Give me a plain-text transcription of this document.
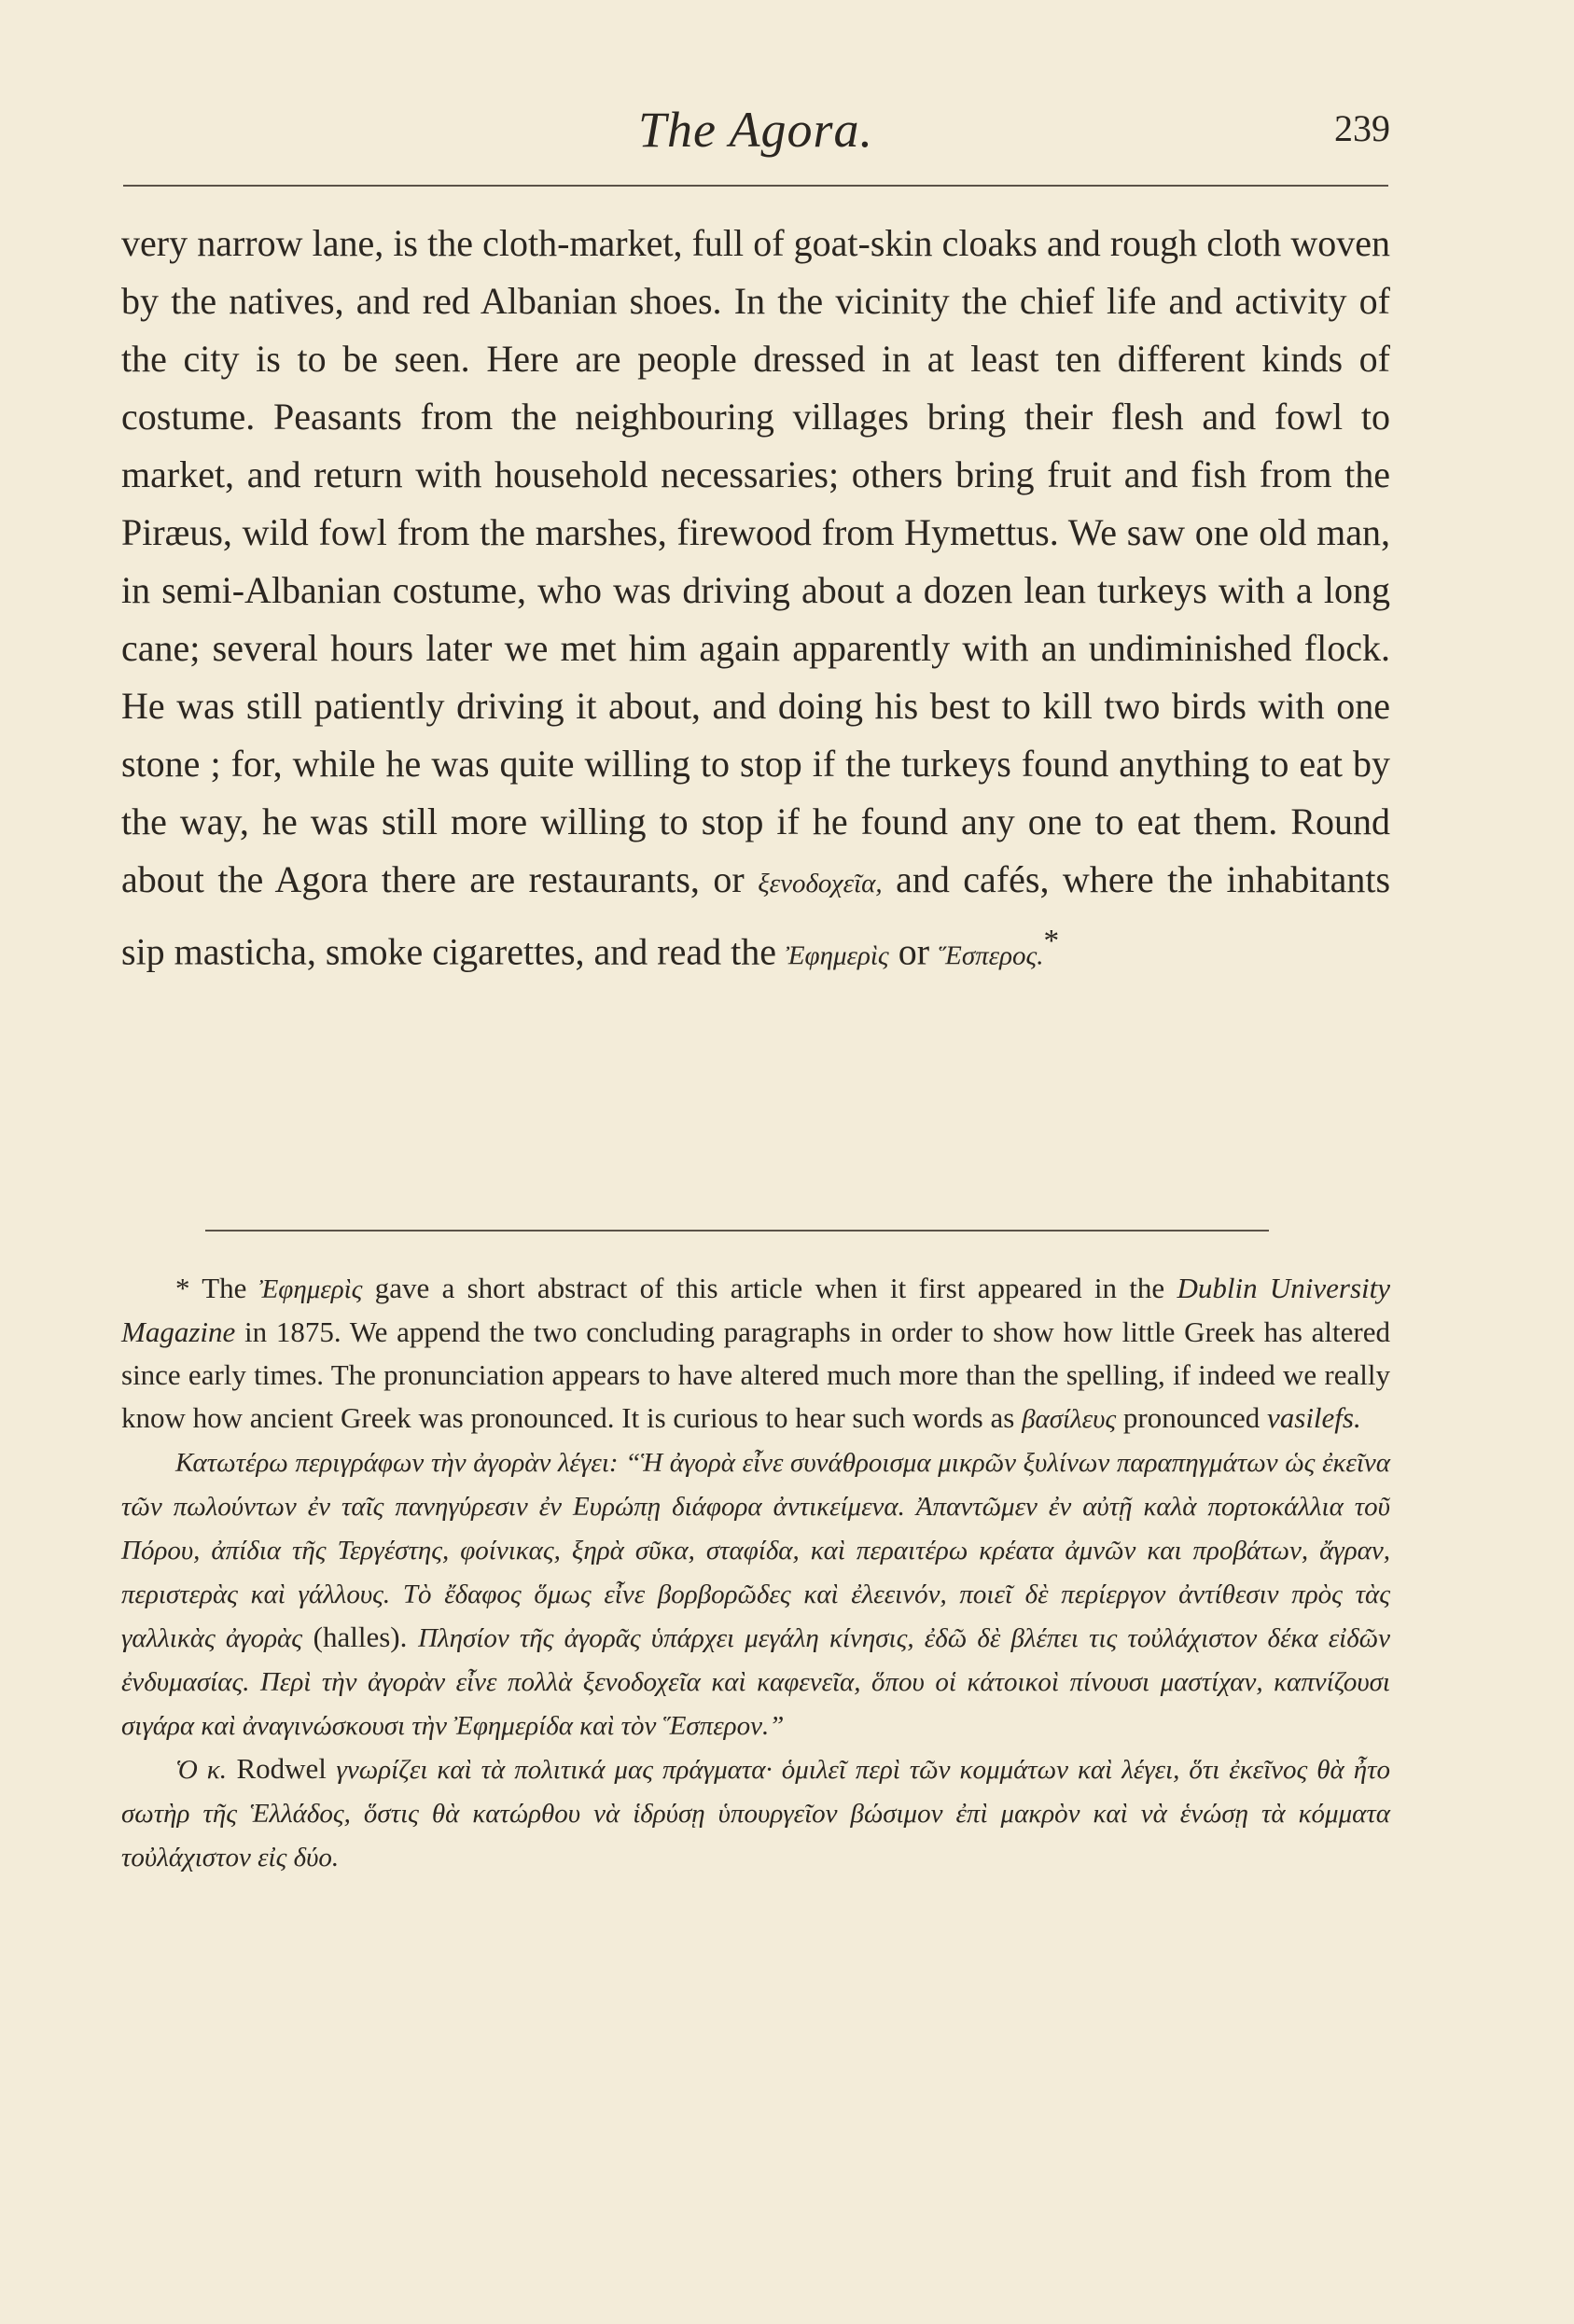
The Agora.	239

very narrow lane, is the cloth-market, full of goat-skin cloaks and rough cloth woven by the natives, and red Albanian shoes. In the vicinity the chief life and activity of the city is to be seen. Here are people dressed in at least ten different kinds of costume. Peasants from the neighbouring villages bring their flesh and fowl to market, and return with household necessaries; others bring fruit and fish from the Piræus, wild fowl from the marshes, firewood from Hymettus. We saw one old man, in semi-Albanian costume, who was driving about a dozen lean turkeys with a long cane; several hours later we met him again apparently with an undiminished flock. He was still patiently driving it about, and doing his best to kill two birds with one stone ; for, while he was quite willing to stop if the turkeys found anything to eat by the way, he was still more willing to stop if he found any one to eat them. Round about the Agora there are restaurants, or ξενοδοχεῖα, and cafés, where the inhabitants sip masticha, smoke cigarettes, and read the Ἐφημερὶς or Ἕσπερος.*

* The Ἐφημερὶς gave a short abstract of this article when it first appeared in the Dublin University Magazine in 1875. We append the two concluding paragraphs in order to show how little Greek has altered since early times. The pronunciation appears to have altered much more than the spelling, if indeed we really know how ancient Greek was pronounced. It is curious to hear such words as βασίλευς pronounced vasilefs.

Κατωτέρω περιγράφων τὴν ἀγορὰν λέγει: “Ἡ ἀγορὰ εἶνε συνάθροισμα μικρῶν ξυλίνων παραπηγμάτων ὡς ἐκεῖνα τῶν πωλούντων ἐν ταῖς πανηγύρεσιν ἐν Ευρώπῃ διάφορα ἀντικείμενα. Ἀπαντῶμεν ἐν αὐτῇ καλὰ πορτοκάλλια τοῦ Πόρου, ἀπίδια τῆς Τεργέστης, φοίνικας, ξηρὰ σῦκα, σταφίδα, καὶ περαιτέρω κρέατα ἀμνῶν και προβάτων, ἄγραν, περιστερὰς καὶ γάλλους. Τὸ ἔδαφος ὅμως εἶνε βορβορῶδες καὶ ἐλεεινόν, ποιεῖ δὲ περίεργον ἀντίθεσιν πρὸς τὰς γαλλικὰς ἀγορὰς (halles). Πλησίον τῆς ἀγορᾶς ὑπάρχει μεγάλη κίνησις, ἐδῶ δὲ βλέπει τις τοὐλάχιστον δέκα εἰδῶν ἐνδυμασίας. Περὶ τὴν ἀγορὰν εἶνε πολλὰ ξενοδοχεῖα καὶ καφενεῖα, ὅπου οἱ κάτοικοὶ πίνουσι μαστίχαν, καπνίζουσι σιγάρα καὶ ἀναγινώσκουσι τὴν Ἐφημερίδα καὶ τὸν Ἕσπερον.”

Ὁ κ. Rodwel γνωρίζει καὶ τὰ πολιτικά μας πράγματα· ὁμιλεῖ περὶ τῶν κομμάτων καὶ λέγει, ὅτι ἐκεῖνος θὰ ἦτο σωτὴρ τῆς Ἑλλάδος, ὅστις θὰ κατώρθου νὰ ἱδρύσῃ ὑπουργεῖον βώσιμον ἐπὶ μακρὸν καὶ νὰ ἑνώσῃ τὰ κόμματα τοὐλάχιστον εἰς δύο.
